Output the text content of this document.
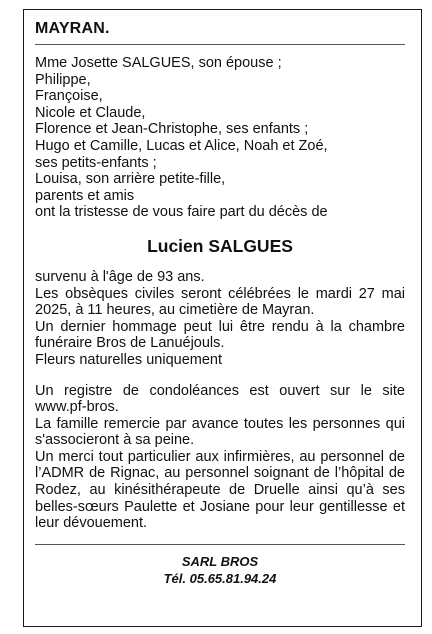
MAYRAN.
Mme Josette SALGUES, son épouse ;
Philippe,
Françoise,
Nicole et Claude,
Florence et Jean-Christophe, ses enfants ;
Hugo et Camille, Lucas et Alice, Noah et Zoé,
ses petits-enfants ;
Louisa, son arrière petite-fille,
parents et amis
ont la tristesse de vous faire part du décès de
Lucien SALGUES

survenu à l'âge de 93 ans.

Les obsèques civiles seront célébrées le mardi 27 mai 2025, à 11 heures, au cimetière de Mayran.

Un dernier hommage peut lui être rendu à la chambre funéraire Bros de Lanuéjouls.

Fleurs naturelles uniquement

Un registre de condoléances est ouvert sur le site www.pf-bros.

La famille remercie par avance toutes les personnes qui s'associeront à sa peine.

Un merci tout particulier aux infirmières, au personnel de l’ADMR de Rignac, au personnel soignant de l’hôpital de Rodez, au kinésithérapeute de Druelle ainsi qu’à ses belles-sœurs Paulette et Josiane pour leur gentillesse et leur dévouement.

SARL BROS
Tél. 05.65.81.94.24
